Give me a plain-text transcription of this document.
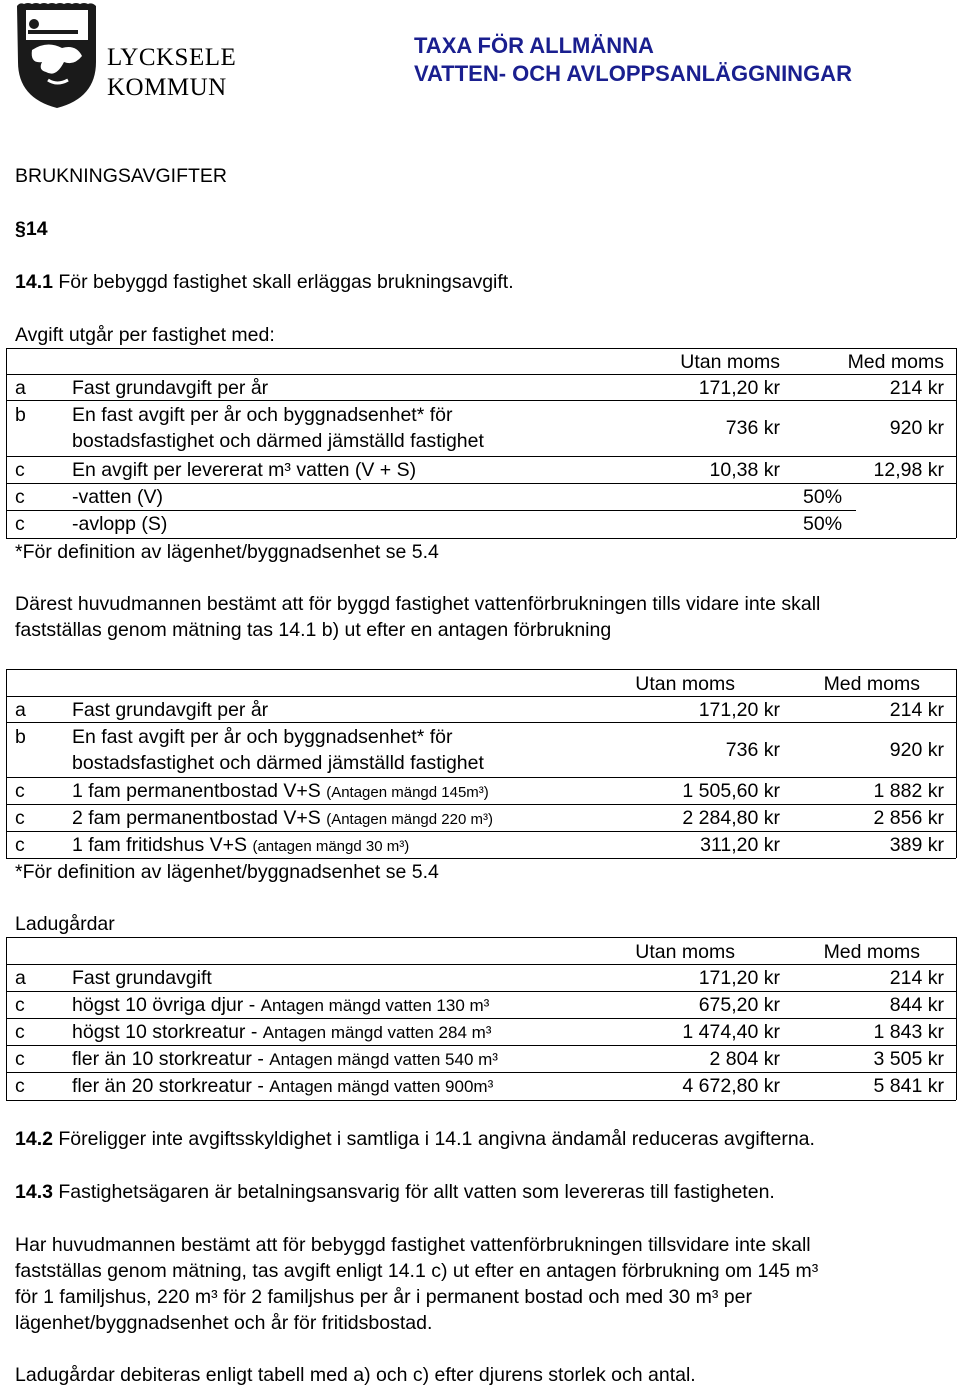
LYCKSELE
KOMMUN
TAXA FÖR ALLMÄNNA
VATTEN- OCH AVLOPPSANLÄGGNINGAR
BRUKNINGSAVGIFTER
§14
14.1 För bebyggd fastighet skall erläggas brukningsavgift.
Avgift utgår per fastighet med:
Utan moms	Med moms
a Fast grundavgift per år	171,20 kr	214 kr
b En fast avgift per år och byggnadsenhet* för
bostadsfastighet och därmed jämställd fastighet
736 kr	920 kr
c En avgift per levererat m³ vatten (V + S)	10,38 kr	12,98 kr
c -vatten (V)	50%
c -avlopp (S)	50%
*För definition av lägenhet/byggnadsenhet se 5.4
Därest huvudmannen bestämt att för byggd fastighet vattenförbrukningen tills vidare inte skall
fastställas genom mätning tas 14.1 b) ut efter en antagen förbrukning
Utan moms	Med moms
a Fast grundavgift per år	171,20 kr	214 kr
b En fast avgift per år och byggnadsenhet* för
bostadsfastighet och därmed jämställd fastighet
736 kr	920 kr
c 1 fam permanentbostad V+S (Antagen mängd 145m³)	1 505,60 kr	1 882 kr
c 2 fam permanentbostad V+S (Antagen mängd 220 m³)	2 284,80 kr	2 856 kr
c 1 fam fritidshus V+S (antagen mängd 30 m³)	311,20 kr	389 kr
*För definition av lägenhet/byggnadsenhet se 5.4
Ladugårdar
Utan moms	Med moms
a Fast grundavgift	171,20 kr	214 kr
c högst 10 övriga djur - Antagen mängd vatten 130 m³	675,20 kr	844 kr
c högst 10 storkreatur - Antagen mängd vatten 284 m³	1 474,40 kr	1 843 kr
c fler än 10 storkreatur - Antagen mängd vatten 540 m³	2 804 kr	3 505 kr
c fler än 20 storkreatur - Antagen mängd vatten 900m³	4 672,80 kr	5 841 kr
14.2 Föreligger inte avgiftsskyldighet i samtliga i 14.1 angivna ändamål reduceras avgifterna.
14.3 Fastighetsägaren är betalningsansvarig för allt vatten som levereras till fastigheten.
Har huvudmannen bestämt att för bebyggd fastighet vattenförbrukningen tillsvidare inte skall
fastställas genom mätning, tas avgift enligt 14.1 c) ut efter en antagen förbrukning om 145 m³
för 1 familjshus, 220 m³ för 2 familjshus per år i permanent bostad och med 30 m³ per
lägenhet/byggnadsenhet och år för fritidsbostad.
Ladugårdar debiteras enligt tabell med a) och c) efter djurens storlek och antal.
